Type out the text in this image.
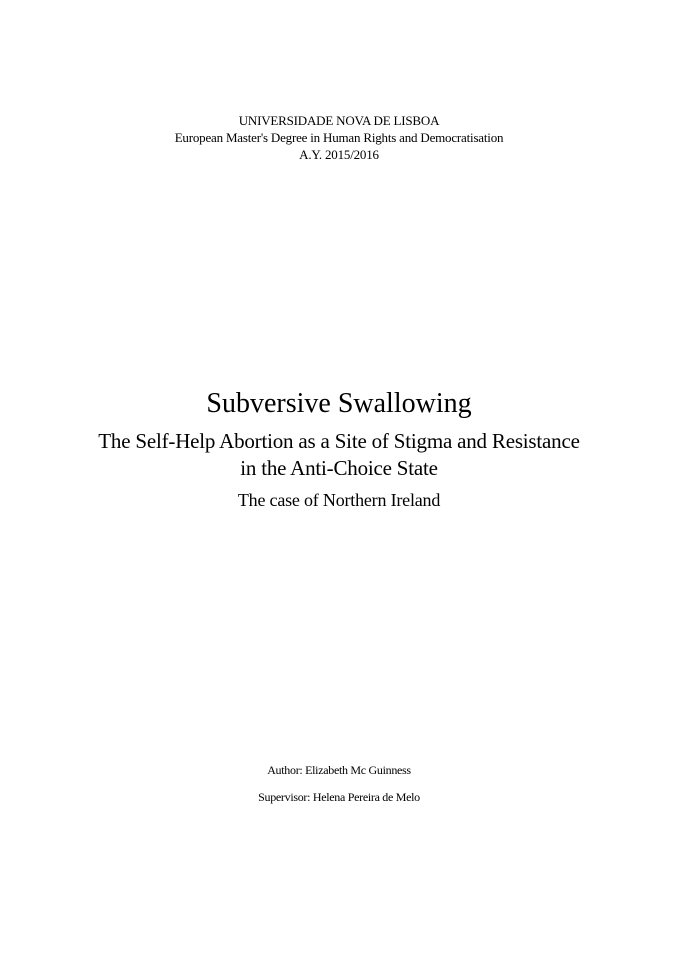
UNIVERSIDADE NOVA DE LISBOA
European Master's Degree in Human Rights and Democratisation
A.Y. 2015/2016
Subversive Swallowing
The Self-Help Abortion as a Site of Stigma and Resistance
in the Anti-Choice State
The case of Northern Ireland
Author: Elizabeth Mc Guinness
Supervisor: Helena Pereira de Melo
